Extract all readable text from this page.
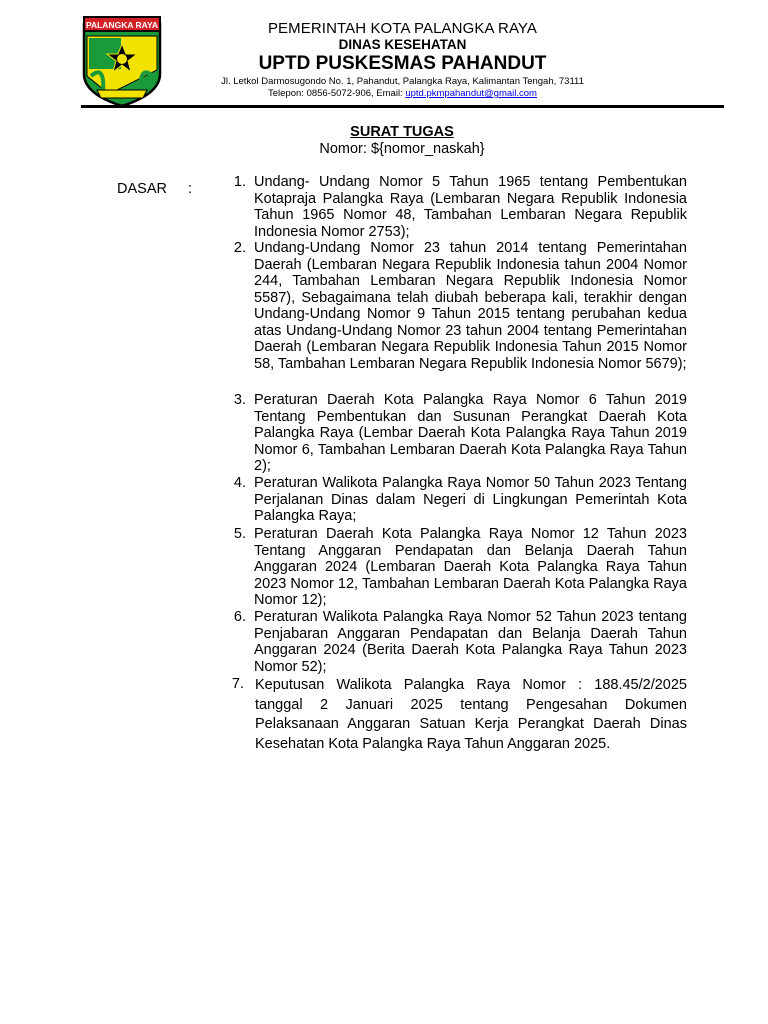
PALANGKA RAYA	PEMERINTAH KOTA PALANGKA RAYA
DINAS KESEHATAN
UPTD PUSKESMAS PAHANDUT
Jl. Letkol Darmosugondo No. 1, Pahandut, Palangka Raya, Kalimantan Tengah, 73111
Telepon: 0856-5072-906, Email: uptd.pkmpahandut@gmail.com
SURAT TUGAS
Nomor: ${nomor_naskah}
DASAR :	1. Undang- Undang Nomor 5 Tahun 1965 tentang Pembentukan Kotapraja Palangka Raya (Lembaran Negara Republik Indonesia Tahun 1965 Nomor 48, Tambahan Lembaran Negara Republik Indonesia Nomor 2753);
2. Undang-Undang Nomor 23 tahun 2014 tentang Pemerintahan Daerah (Lembaran Negara Republik Indonesia tahun 2004 Nomor 244, Tambahan Lembaran Negara Republik Indonesia Nomor 5587), Sebagaimana telah diubah beberapa kali, terakhir dengan Undang-Undang Nomor 9 Tahun 2015 tentang perubahan kedua atas Undang-Undang Nomor 23 tahun 2004 tentang Pemerintahan Daerah (Lembaran Negara Republik Indonesia Tahun 2015 Nomor 58, Tambahan Lembaran Negara Republik Indonesia Nomor 5679);
3. Peraturan Daerah Kota Palangka Raya Nomor 6 Tahun 2019 Tentang Pembentukan dan Susunan Perangkat Daerah Kota Palangka Raya (Lembar Daerah Kota Palangka Raya Tahun 2019 Nomor 6, Tambahan Lembaran Daerah Kota Palangka Raya Tahun 2);
4. Peraturan Walikota Palangka Raya Nomor 50 Tahun 2023 Tentang Perjalanan Dinas dalam Negeri di Lingkungan Pemerintah Kota Palangka Raya;
5. Peraturan Daerah Kota Palangka Raya Nomor 12 Tahun 2023 Tentang Anggaran Pendapatan dan Belanja Daerah Tahun Anggaran 2024 (Lembaran Daerah Kota Palangka Raya Tahun 2023 Nomor 12, Tambahan Lembaran Daerah Kota Palangka Raya Nomor 12);
6. Peraturan Walikota Palangka Raya Nomor 52 Tahun 2023 tentang Penjabaran Anggaran Pendapatan dan Belanja Daerah Tahun Anggaran 2024 (Berita Daerah Kota Palangka Raya Tahun 2023 Nomor 52);
7. Keputusan Walikota Palangka Raya Nomor : 188.45/2/2025 tanggal 2 Januari 2025 tentang Pengesahan Dokumen Pelaksanaan Anggaran Satuan Kerja Perangkat Daerah Dinas Kesehatan Kota Palangka Raya Tahun Anggaran 2025.
